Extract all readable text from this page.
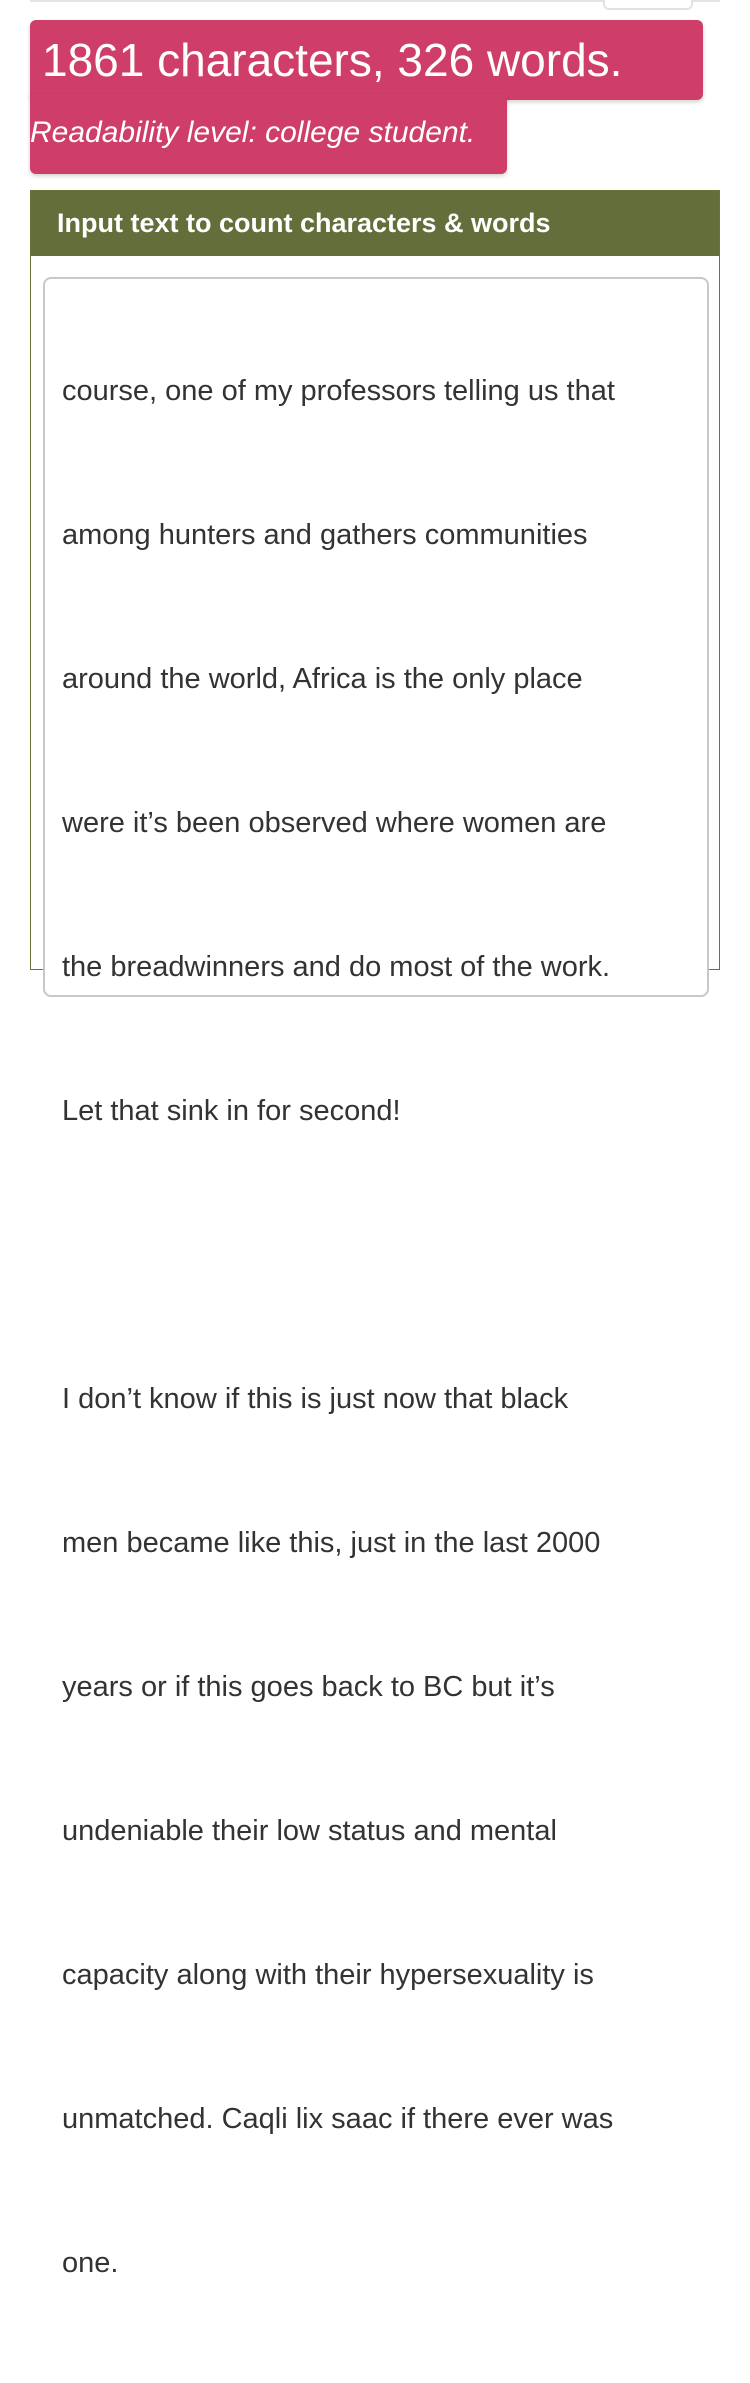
1861 characters, 326 words.
Readability level: college student.
Input text to count characters & words

course, one of my professors telling us that

among hunters and gathers communities

around the world, Africa is the only place

were it’s been observed where women are

the breadwinners and do most of the work.

Let that sink in for second!

I don’t know if this is just now that black

men became like this, just in the last 2000

years or if this goes back to BC but it’s

undeniable their low status and mental

capacity along with their hypersexuality is

unmatched. Caqli lix saac if there ever was

one.
